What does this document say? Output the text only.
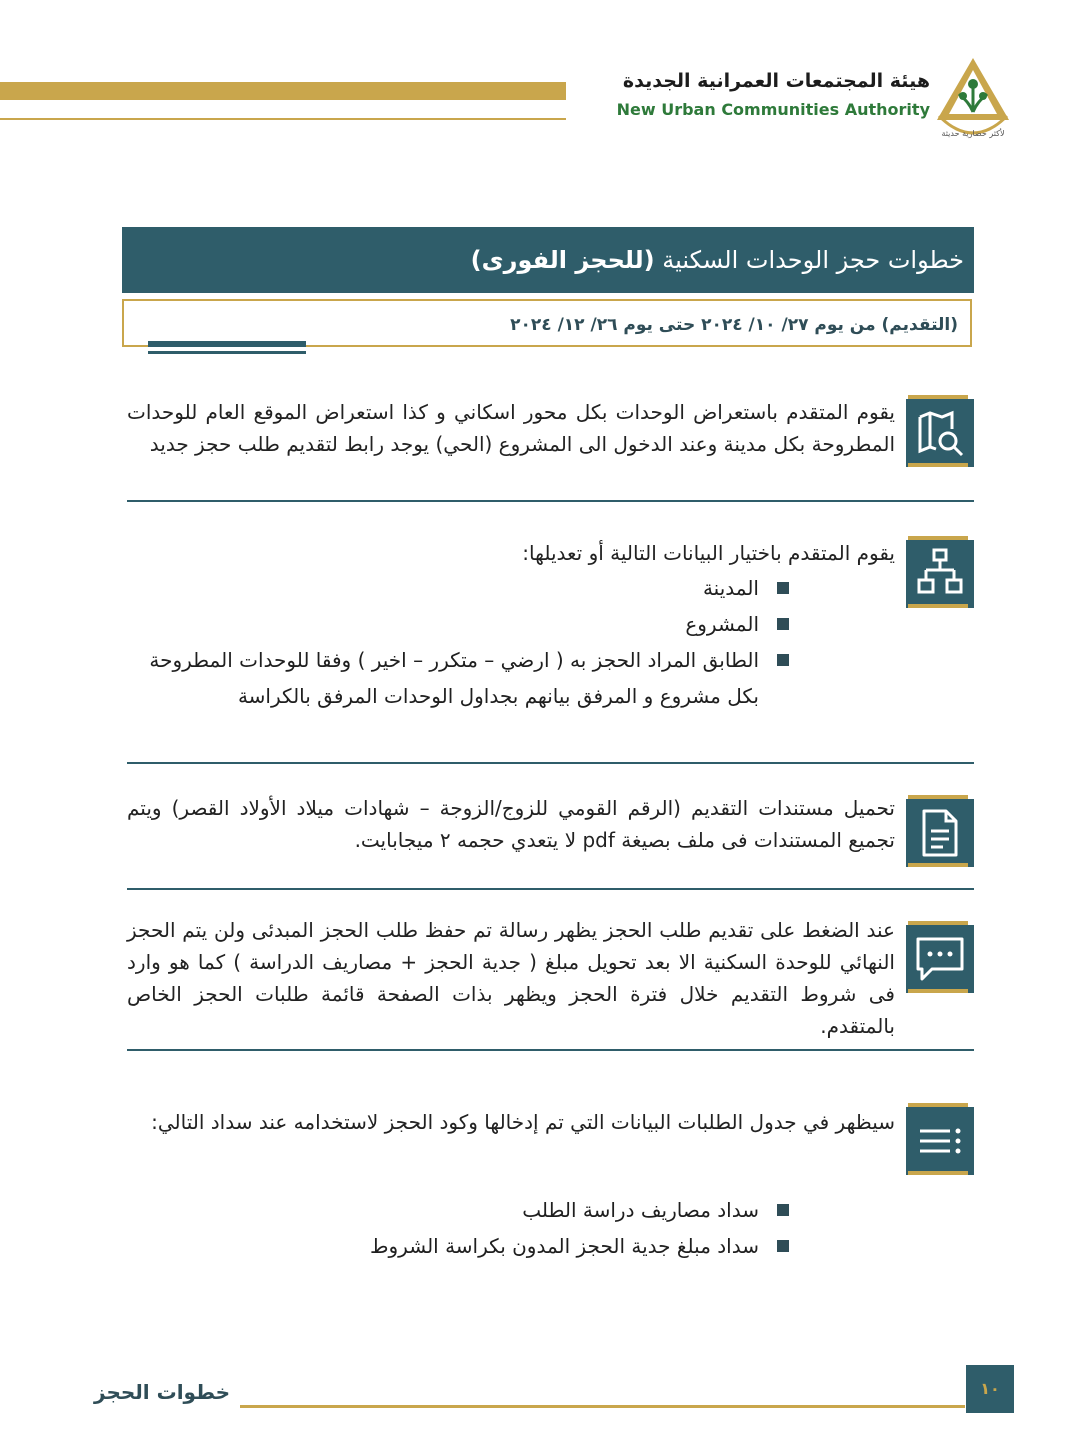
هيئة المجتمعات العمرانية الجديدة
New Urban Communities Authority
لأكثر حضارية حديثة
خطوات حجز الوحدات السكنية (للحجز الفورى)
(التقديم) من يوم ٢٧/ ١٠/ ٢٠٢٤ حتى يوم ٢٦/ ١٢/ ٢٠٢٤
يقوم المتقدم باستعراض الوحدات بكل محور اسكاني و كذا استعراض الموقع العام للوحدات المطروحة بكل مدينة وعند الدخول الى المشروع (الحي) يوجد رابط لتقديم طلب حجز جديد
يقوم المتقدم باختيار البيانات التالية أو تعديلها:
المدينة
المشروع
الطابق المراد الحجز به ( ارضي – متكرر – اخير ) وفقا للوحدات المطروحة بكل مشروع و المرفق بيانهم بجداول الوحدات المرفق بالكراسة
تحميل مستندات التقديم (الرقم القومي للزوج/الزوجة – شهادات ميلاد الأولاد القصر) ويتم تجميع المستندات فى ملف بصيغة pdf لا يتعدي حجمه ٢ ميجابايت.
عند الضغط على تقديم طلب الحجز يظهر رسالة تم حفظ طلب الحجز المبدئى ولن يتم الحجز النهائي للوحدة السكنية الا بعد تحويل مبلغ ( جدية الحجز + مصاريف الدراسة ) كما هو وارد فى شروط التقديم خلال فترة الحجز ويظهر بذات الصفحة قائمة طلبات الحجز الخاص بالمتقدم.
سيظهر في جدول الطلبات البيانات التي تم إدخالها وكود الحجز لاستخدامه عند سداد التالي:
سداد مصاريف دراسة الطلب
سداد مبلغ جدية الحجز المدون بكراسة الشروط
خطوات الحجز	١٠
